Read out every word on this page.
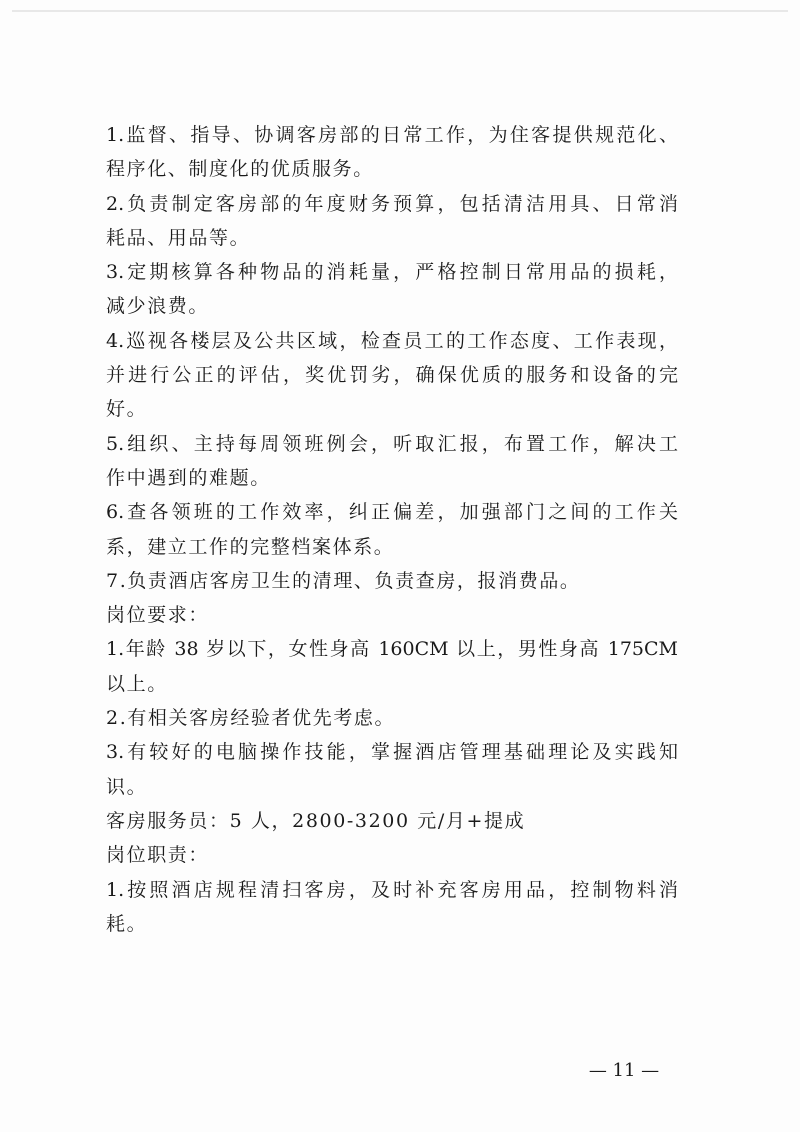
1.监督、指导、协调客房部的日常工作，为住客提供规范化、
程序化、制度化的优质服务。
2.负责制定客房部的年度财务预算，包括清洁用具、日常消
耗品、用品等。
3.定期核算各种物品的消耗量，严格控制日常用品的损耗，
减少浪费。
4.巡视各楼层及公共区域，检查员工的工作态度、工作表现，
并进行公正的评估，奖优罚劣，确保优质的服务和设备的完
好。
5.组织、主持每周领班例会，听取汇报，布置工作，解决工
作中遇到的难题。
6.查各领班的工作效率，纠正偏差，加强部门之间的工作关
系，建立工作的完整档案体系。
7.负责酒店客房卫生的清理、负责查房，报消费品。
岗位要求：
1.年龄 38 岁以下，女性身高 160CM 以上，男性身高 175CM
以上。
2.有相关客房经验者优先考虑。
3.有较好的电脑操作技能，掌握酒店管理基础理论及实践知
识。
客房服务员：5 人，2800-3200 元/月+提成
岗位职责：
1.按照酒店规程清扫客房，及时补充客房用品，控制物料消
耗。
— 11 —
